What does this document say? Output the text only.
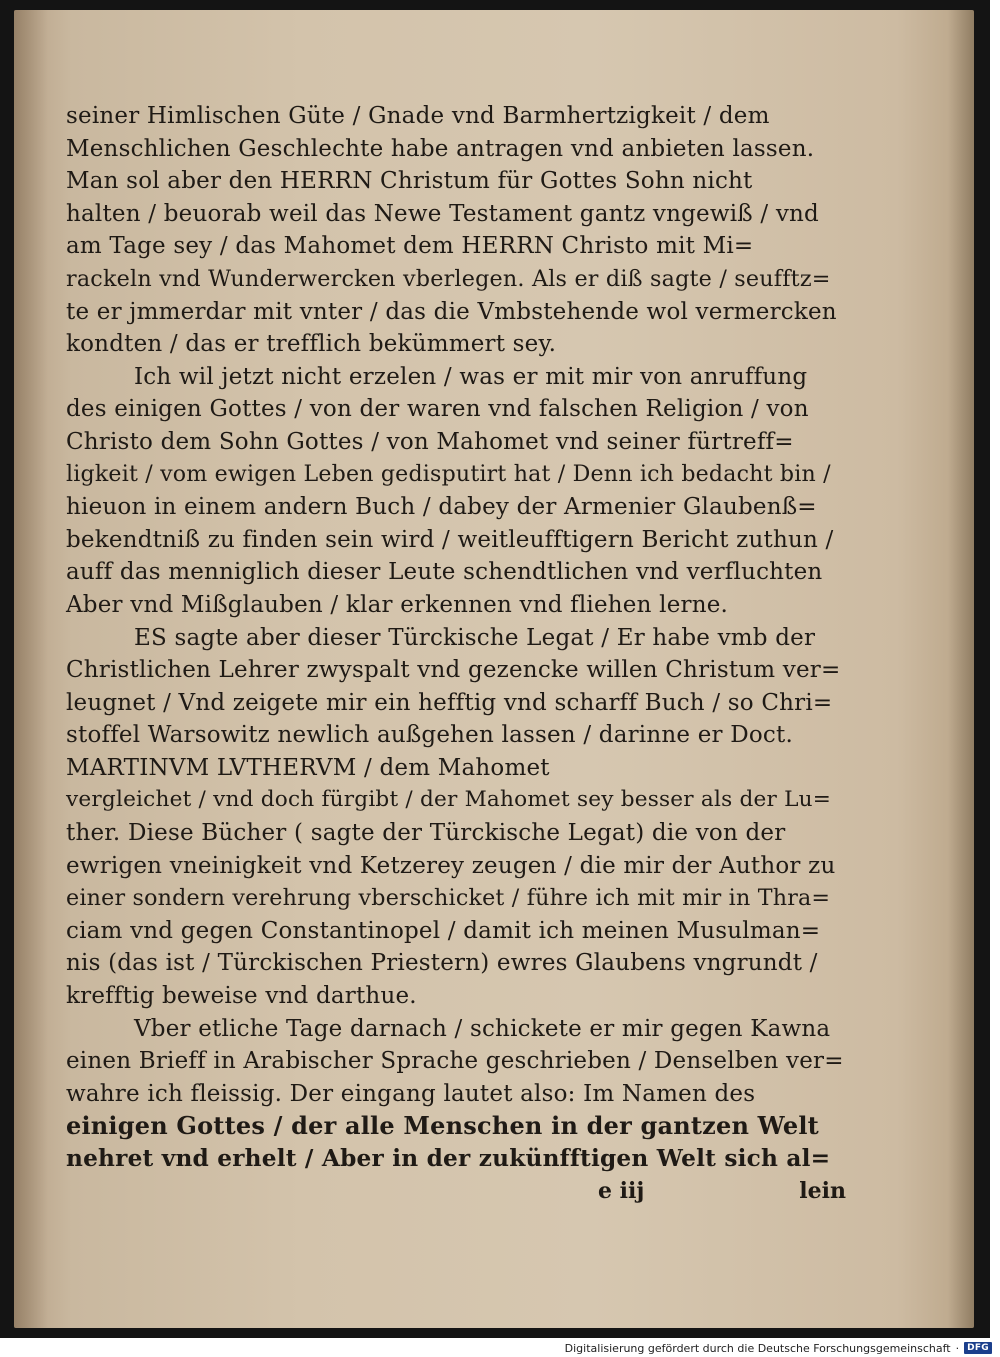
seiner Himlischen Güte / Gnade vnd Barmhertzigkeit / dem
Menschlichen Geschlechte habe antragen vnd anbieten lassen.
Man sol aber den HERRN Christum für Gottes Sohn nicht
halten / beuorab weil das Newe Testament gantz vngewiß / vnd
am Tage sey / das Mahomet dem HERRN Christo mit Mi=
rackeln vnd Wunderwercken vberlegen. Als er diß sagte / seufftz=
te er jmmerdar mit vnter / das die Vmbstehende wol vermercken
kondten / das er trefflich bekümmert sey.
Ich wil jetzt nicht erzelen / was er mit mir von anruffung
des einigen Gottes / von der waren vnd falschen Religion / von
Christo dem Sohn Gottes / von Mahomet vnd seiner fürtreff=
ligkeit / vom ewigen Leben gedisputirt hat / Denn ich bedacht bin /
hieuon in einem andern Buch / dabey der Armenier Glaubenß=
bekendtniß zu finden sein wird / weitleufftigern Bericht zuthun /
auff das menniglich dieser Leute schendtlichen vnd verfluchten
Aber vnd Mißglauben / klar erkennen vnd fliehen lerne.
ES sagte aber dieser Türckische Legat / Er habe vmb der
Christlichen Lehrer zwyspalt vnd gezencke willen Christum ver=
leugnet / Vnd zeigete mir ein hefftig vnd scharff Buch / so Chri=
stoffel Warsowitz newlich außgehen lassen / darinne er Doct.
MARTINVM LVTHERVM / dem Mahomet
vergleichet / vnd doch fürgibt / der Mahomet sey besser als der Lu=
ther. Diese Bücher ( sagte der Türckische Legat) die von der
ewrigen vneinigkeit vnd Ketzerey zeugen / die mir der Author zu
einer sondern verehrung vberschicket / führe ich mit mir in Thra=
ciam vnd gegen Constantinopel / damit ich meinen Musulman=
nis (das ist / Türckischen Priestern) ewres Glaubens vngrundt /
krefftig beweise vnd darthue.
Vber etliche Tage darnach / schickete er mir gegen Kawna
einen Brieff in Arabischer Sprache geschrieben / Denselben ver=
wahre ich fleissig. Der eingang lautet also: Im Namen des
einigen Gottes / der alle Menschen in der gantzen Welt
nehret vnd erhelt / Aber in der zukünfftigen Welt sich al=
e iij	lein
Digitalisierung gefördert durch die Deutsche Forschungsgemeinschaft · DFG
